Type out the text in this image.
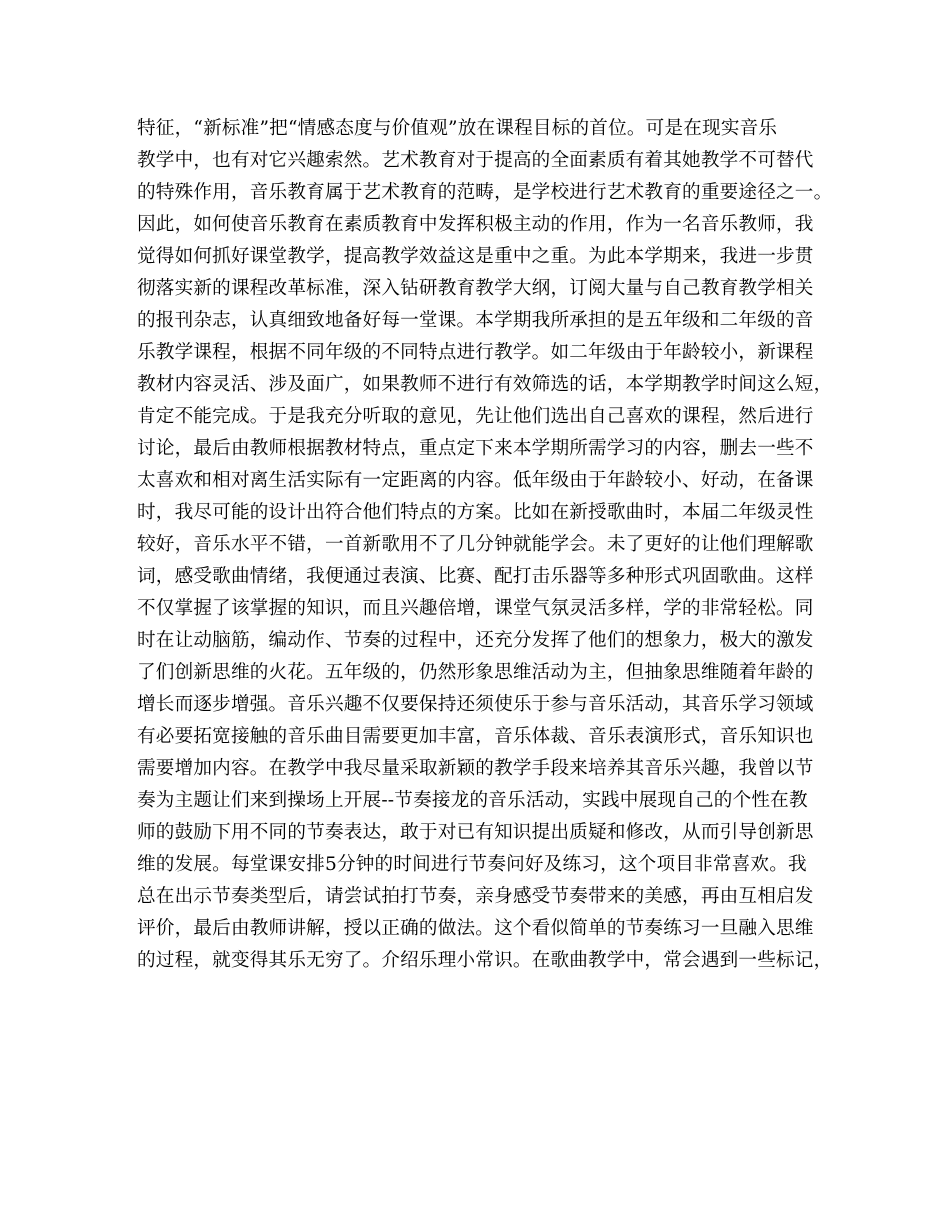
特征，“新标准”把“情感态度与价值观”放在课程目标的首位。可是在现实音乐
教学中，也有对它兴趣索然。艺术教育对于提高的全面素质有着其她教学不可替代
的特殊作用，音乐教育属于艺术教育的范畴，是学校进行艺术教育的重要途径之一。
因此，如何使音乐教育在素质教育中发挥积极主动的作用，作为一名音乐教师，我
觉得如何抓好课堂教学，提高教学效益这是重中之重。为此本学期来，我进一步贯
彻落实新的课程改革标准，深入钻研教育教学大纲，订阅大量与自己教育教学相关
的报刊杂志，认真细致地备好每一堂课。本学期我所承担的是五年级和二年级的音
乐教学课程，根据不同年级的不同特点进行教学。如二年级由于年龄较小，新课程
教材内容灵活、涉及面广，如果教师不进行有效筛选的话，本学期教学时间这么短，
肯定不能完成。于是我充分听取的意见，先让他们选出自己喜欢的课程，然后进行
讨论，最后由教师根据教材特点，重点定下来本学期所需学习的内容，删去一些不
太喜欢和相对离生活实际有一定距离的内容。低年级由于年龄较小、好动，在备课
时，我尽可能的设计出符合他们特点的方案。比如在新授歌曲时，本届二年级灵性
较好，音乐水平不错，一首新歌用不了几分钟就能学会。未了更好的让他们理解歌
词，感受歌曲情绪，我便通过表演、比赛、配打击乐器等多种形式巩固歌曲。这样
不仅掌握了该掌握的知识，而且兴趣倍增，课堂气氛灵活多样，学的非常轻松。同
时在让动脑筋，编动作、节奏的过程中，还充分发挥了他们的想象力，极大的激发
了们创新思维的火花。五年级的，仍然形象思维活动为主，但抽象思维随着年龄的
增长而逐步增强。音乐兴趣不仅要保持还须使乐于参与音乐活动，其音乐学习领域
有必要拓宽接触的音乐曲目需要更加丰富，音乐体裁、音乐表演形式，音乐知识也
需要增加内容。在教学中我尽量采取新颖的教学手段来培养其音乐兴趣，我曾以节
奏为主题让们来到操场上开展--节奏接龙的音乐活动，实践中展现自己的个性在教
师的鼓励下用不同的节奏表达，敢于对已有知识提出质疑和修改，从而引导创新思
维的发展。每堂课安排5分钟的时间进行节奏问好及练习，这个项目非常喜欢。我
总在出示节奏类型后，请尝试拍打节奏，亲身感受节奏带来的美感，再由互相启发
评价，最后由教师讲解，授以正确的做法。这个看似简单的节奏练习一旦融入思维
的过程，就变得其乐无穷了。介绍乐理小常识。在歌曲教学中，常会遇到一些标记，
